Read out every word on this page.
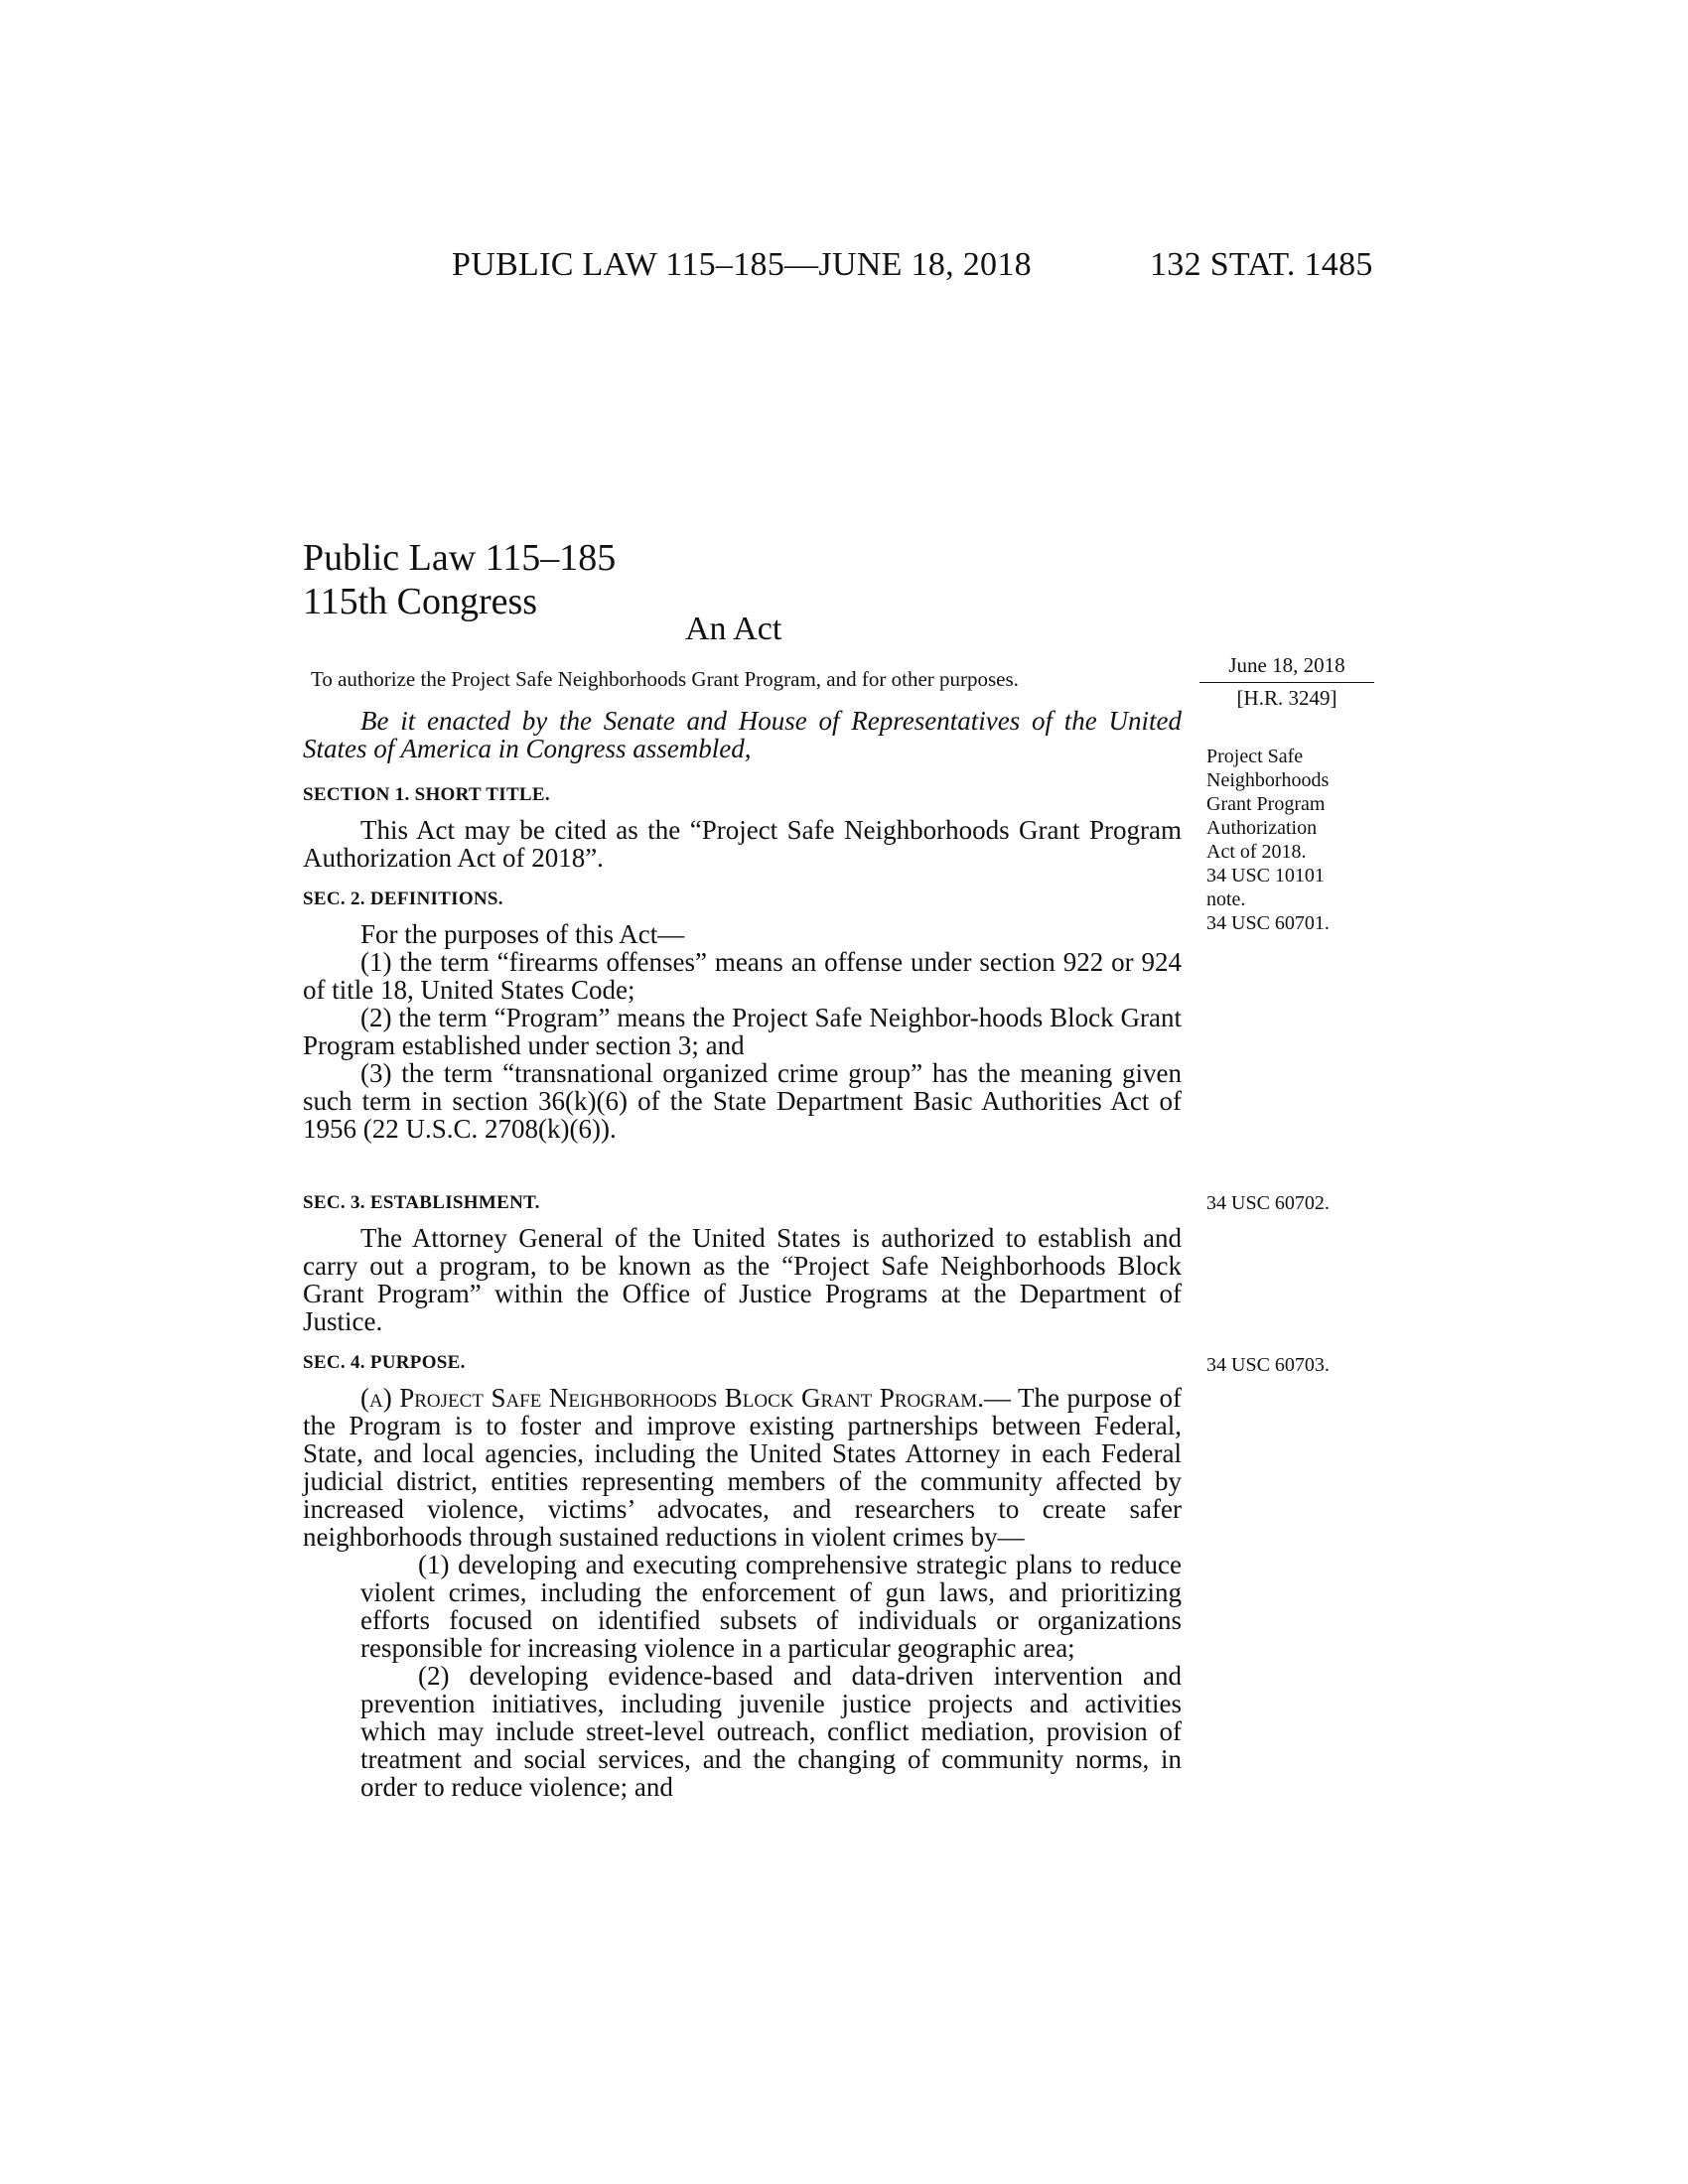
PUBLIC LAW 115–185—JUNE 18, 2018	132 STAT. 1485
Public Law 115–185
115th Congress
An Act
To authorize the Project Safe Neighborhoods Grant Program, and for other purposes.
June 18, 2018
[H.R. 3249]
Project Safe
Neighborhoods
Grant Program
Authorization
Act of 2018.
34 USC 10101
note.
34 USC 60701.
34 USC 60702.
34 USC 60703.

Be it enacted by the Senate and House of Representatives of the United States of America in Congress assembled,

SECTION 1. SHORT TITLE.

This Act may be cited as the “Project Safe Neighborhoods Grant Program Authorization Act of 2018”.

SEC. 2. DEFINITIONS.

For the purposes of this Act—

(1) the term “firearms offenses” means an offense under section 922 or 924 of title 18, United States Code;

(2) the term “Program” means the Project Safe Neighbor-hoods Block Grant Program established under section 3; and

(3) the term “transnational organized crime group” has the meaning given such term in section 36(k)(6) of the State Department Basic Authorities Act of 1956 (22 U.S.C. 2708(k)(6)).

SEC. 3. ESTABLISHMENT.

The Attorney General of the United States is authorized to establish and carry out a program, to be known as the “Project Safe Neighborhoods Block Grant Program” within the Office of Justice Programs at the Department of Justice.

SEC. 4. PURPOSE.

(a) Project Safe Neighborhoods Block Grant Program.— The purpose of the Program is to foster and improve existing partnerships between Federal, State, and local agencies, including the United States Attorney in each Federal judicial district, entities representing members of the community affected by increased violence, victims’ advocates, and researchers to create safer neighborhoods through sustained reductions in violent crimes by—

(1) developing and executing comprehensive strategic plans to reduce violent crimes, including the enforcement of gun laws, and prioritizing efforts focused on identified subsets of individuals or organizations responsible for increasing violence in a particular geographic area;

(2) developing evidence-based and data-driven intervention and prevention initiatives, including juvenile justice projects and activities which may include street-level outreach, conflict mediation, provision of treatment and social services, and the changing of community norms, in order to reduce violence; and
